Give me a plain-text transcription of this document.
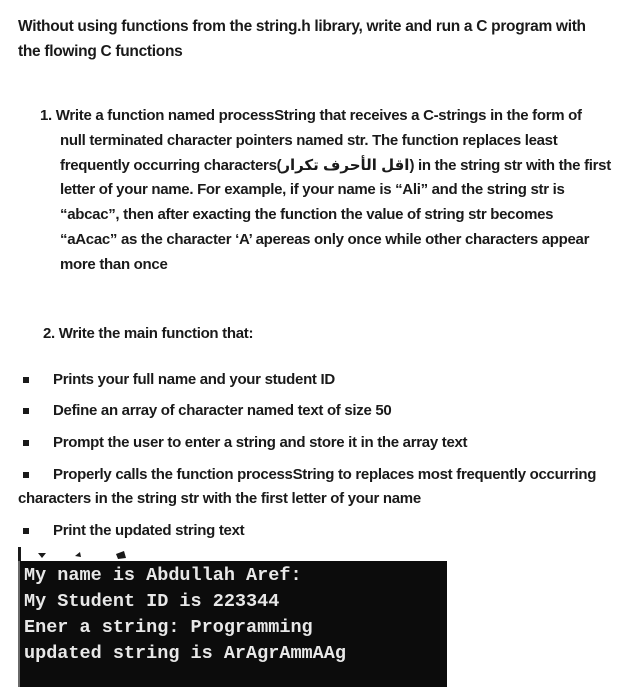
Without using functions from the string.h library, write and run a C program with
the flowing C functions
1. Write a function named processString that receives a C-strings in the form of
null terminated character pointers named str. The function replaces least
frequently occurring characters(اقل الأحرف تكرار) in the string str with the first
letter of your name. For example, if your name is “Ali” and the string str is
“abcac”, then after exacting the function the value of string str becomes
“aAcac” as the character ‘A’ apereas only once while other characters appear
more than once
2. Write the main function that:
Prints your full name and your student ID
Define an array of character named text of size 50
Prompt the user to enter a string and store it in the array text
Properly calls the function processString to replaces most frequently occurring
characters in the string str with the first letter of your name
Print the updated string text
My name is Abdullah Aref:
My Student ID is 223344
Ener a string: Programming
updated string is ArAgrAmmAAg
